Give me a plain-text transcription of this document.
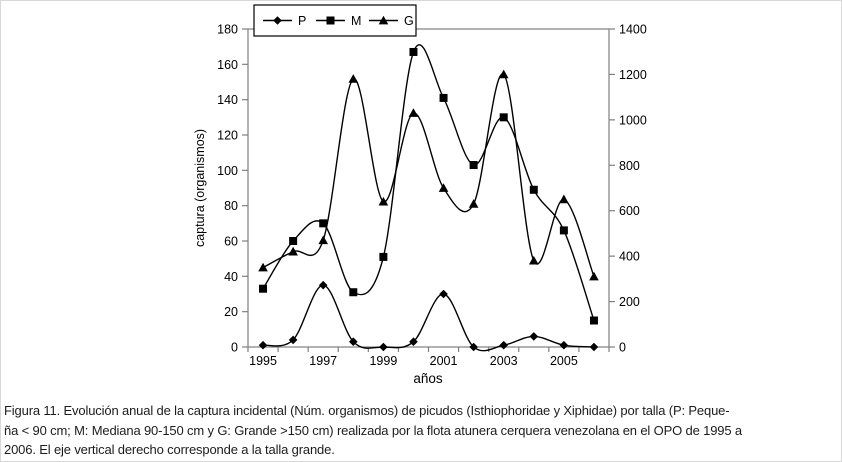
0
20
40
60
80
100
120
140
160
180
0
200
400
600
800
1000
1200
1400
1995	1997	1999	2001	2003	2005
captura (organismos)
años
P	M	G
Figura 11. Evolución anual de la captura incidental (Núm. organismos) de picudos (Isthiophoridae y Xiphidae) por talla (P: Peque-
ña < 90 cm; M: Mediana 90-150 cm y G: Grande >150 cm) realizada por la flota atunera cerquera venezolana en el OPO de 1995 a
2006. El eje vertical derecho corresponde a la talla grande.
